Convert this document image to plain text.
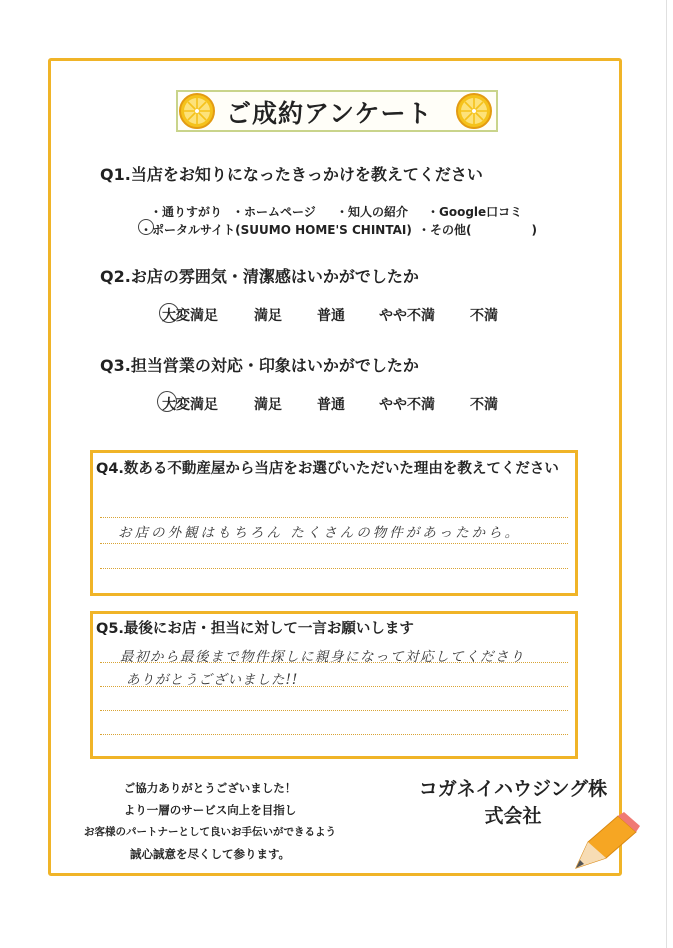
ご成約アンケート
Q1.当店をお知りになったきっかけを教えてください
・通りすがり ・ホームページ ・知人の紹介 ・Google口コミ
・ポータルサイト(SUUMO HOME'S CHINTAI) ・その他(　　　　　)
Q2.お店の雰囲気・清潔感はいかがでしたか
大変満足	満足	普通 やや不満	不満
Q3.担当営業の対応・印象はいかがでしたか
大変満足	満足	普通 やや不満	不満
Q4.数ある不動産屋から当店をお選びいただいた理由を教えてください
お店の外観はもちろん たくさんの物件があったから。
Q5.最後にお店・担当に対して一言お願いします
最初から最後まで物件探しに親身になって対応してくださり
ありがとうございました!!
ご協力ありがとうございました！
より一層のサービス向上を目指し
お客様のパートナーとして良いお手伝いができるよう
誠心誠意を尽くして参ります。
コガネイハウジング株
式会社
